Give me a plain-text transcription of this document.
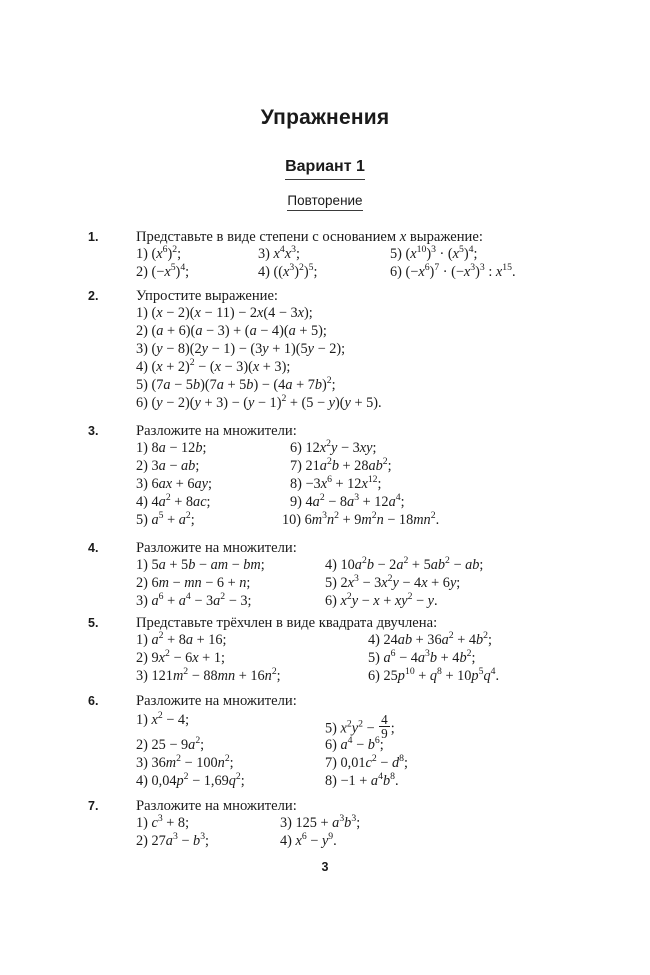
Упражнения
Вариант 1
Повторение
1.	Представьте в виде степени с основанием x выражение:
1) $(x^6)^2$;
2) $(-x^5)^4$;
3) $x^4x^3$;
4) $((x^3)^2)^5$;
5) $(x^{10})^3 \cdot (x^5)^4$;
6) $(-x^6)^7 \cdot (-x^3)^3$ : $x^{15}$.
2.	Упростите выражение:
1) (x − 2)(x − 11) − 2x(4 − 3x);
2) (a + 6)(a − 3) + (a − 4)(a + 5);
3) (y − 8)(2y − 1) − (3y + 1)(5y − 2);
4) $(x + 2)^2 - (x - 3)(x + 3)$;
5) $(7a - 5b)(7a + 5b) - (4a + 7b)^2$;
6) $(y - 2)(y + 3) - (y - 1)^2 + (5 - y)(y + 5)$.
3.	Разложите на множители:
1) 8a − 12b;
2) 3a − ab;
3) 6ax + 6ay;
4) $4a^2 + 8ac$;
5) $a^5 + a^2$;
6) $12x^2y - 3xy$;
7) $21a^2b + 28ab^2$;
$8) -3x^6 + 12x^{12}$;
9) $4a^2 - 8a^3 + 12a^4$;
10) $6m^3n^2 + 9m^2n - 18mn^2$.
4.	Разложите на множители:
1) 5a + 5b − am − bm;
2) 6m − mn − 6 + n;
3) $a^6 + a^4 - 3a^2 - 3$;
4) $10a^2b - 2a^2 + 5ab^2$ − ab;
5) $2x^3 - 3x^2y - 4x + 6y$;
6) $x^2y - x + xy^2 - y$.
5.	Представьте трёхчлен в виде квадрата двучлена:
1) $a^2 + 8a + 16$;
2) $9x^2 - 6x + 1$;
3) $121m^2 - 88mn + 16n^2$;
4) $24ab + 36a^2 + 4b^2$;
5) $a^6 - 4a^3b + 4b^2$;
6) $25p^{10} + q^8 + 10p^5q^4$.
6.	Разложите на множители:
1) $x^2 - 4$;
2) $25 - 9a^2$;
3) $36m^2 - 100n^2$;
4) $0,04p^2 - 1,69q^2$;
5) $x^2y^2 - \frac{4}{9}$ ;
6) $a^4 - b^6$;
7) $0,01c^2 - d^8$;
$8) -1 + a^4b^8$.
7.	Разложите на множители:
1) $c^3 + 8$;
2) $27a^3 - b^3$;
3) $125 + a^3b^3$;
4) $x^6 - y^9$.
3
